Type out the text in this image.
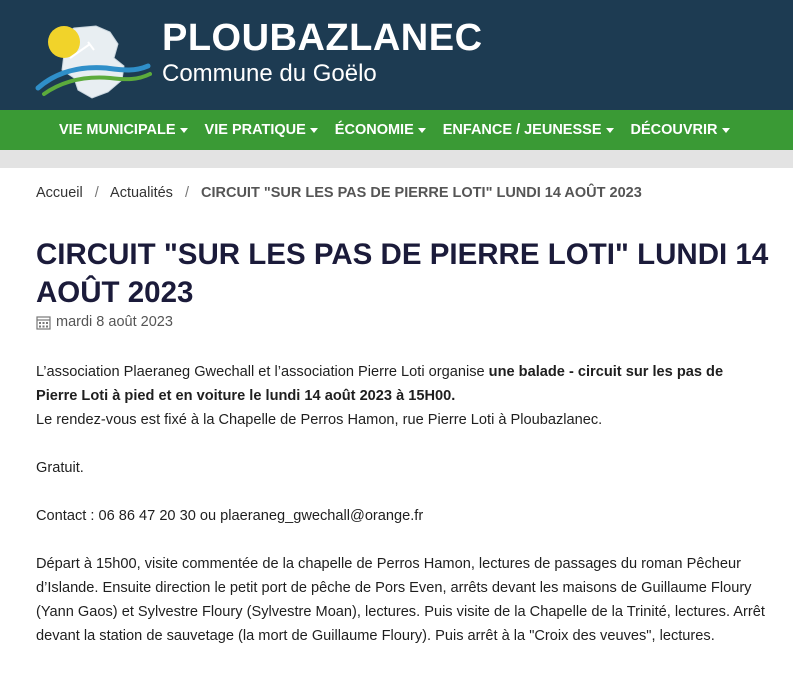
PLOUBAZLANEC
Commune du Goëlo
VIE MUNICIPALE VIE PRATIQUE ÉCONOMIE ENFANCE / JEUNESSE DÉCOUVRIR
Accueil / Actualités / CIRCUIT "SUR LES PAS DE PIERRE LOTI" LUNDI 14 AOÛT 2023
CIRCUIT "SUR LES PAS DE PIERRE LOTI" LUNDI 14 AOÛT 2023
mardi 8 août 2023

L’association Plaeraneg Gwechall et l’association Pierre Loti organise une balade - circuit sur les pas de Pierre Loti à pied et en voiture le lundi 14 août 2023 à 15H00.

Le rendez-vous est fixé à la Chapelle de Perros Hamon, rue Pierre Loti à Ploubazlanec.

Gratuit.

Contact : 06 86 47 20 30 ou plaeraneg_gwechall@orange.fr

Départ à 15h00, visite commentée de la chapelle de Perros Hamon, lectures de passages du roman Pêcheur d’Islande. Ensuite direction le petit port de pêche de Pors Even, arrêts devant les maisons de Guillaume Floury (Yann Gaos) et Sylvestre Floury (Sylvestre Moan), lectures. Puis visite de la Chapelle de la Trinité, lectures. Arrêt devant la station de sauvetage (la mort de Guillaume Floury). Puis arrêt à la "Croix des veuves", lectures.
